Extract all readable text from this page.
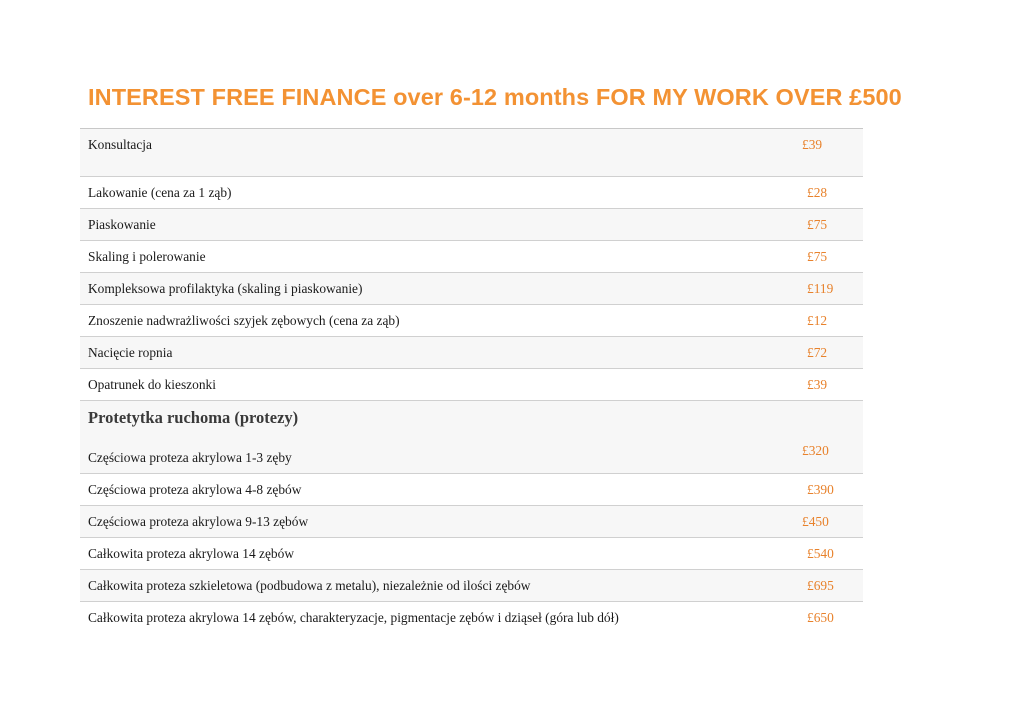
INTEREST FREE FINANCE over 6-12 months FOR MY WORK OVER £500
Konsultacja	£39
Lakowanie (cena za 1 ząb)	£28
Piaskowanie	£75
Skaling i polerowanie	£75
Kompleksowa profilaktyka (skaling i piaskowanie)	£119
Znoszenie nadwrażliwości szyjek zębowych (cena za ząb)	£12
Nacięcie ropnia	£72
Opatrunek do kieszonki	£39
Protetytka ruchoma (protezy)
Częściowa proteza akrylowa 1-3 zęby	£320
Częściowa proteza akrylowa 4-8 zębów	£390
Częściowa proteza akrylowa 9-13 zębów	£450
Całkowita proteza akrylowa 14 zębów	£540
Całkowita proteza szkieletowa (podbudowa z metalu), niezależnie od ilości zębów	£695
Całkowita proteza akrylowa 14 zębów, charakteryzacje, pigmentacje zębów i dziąseł (góra lub dół)	£650
